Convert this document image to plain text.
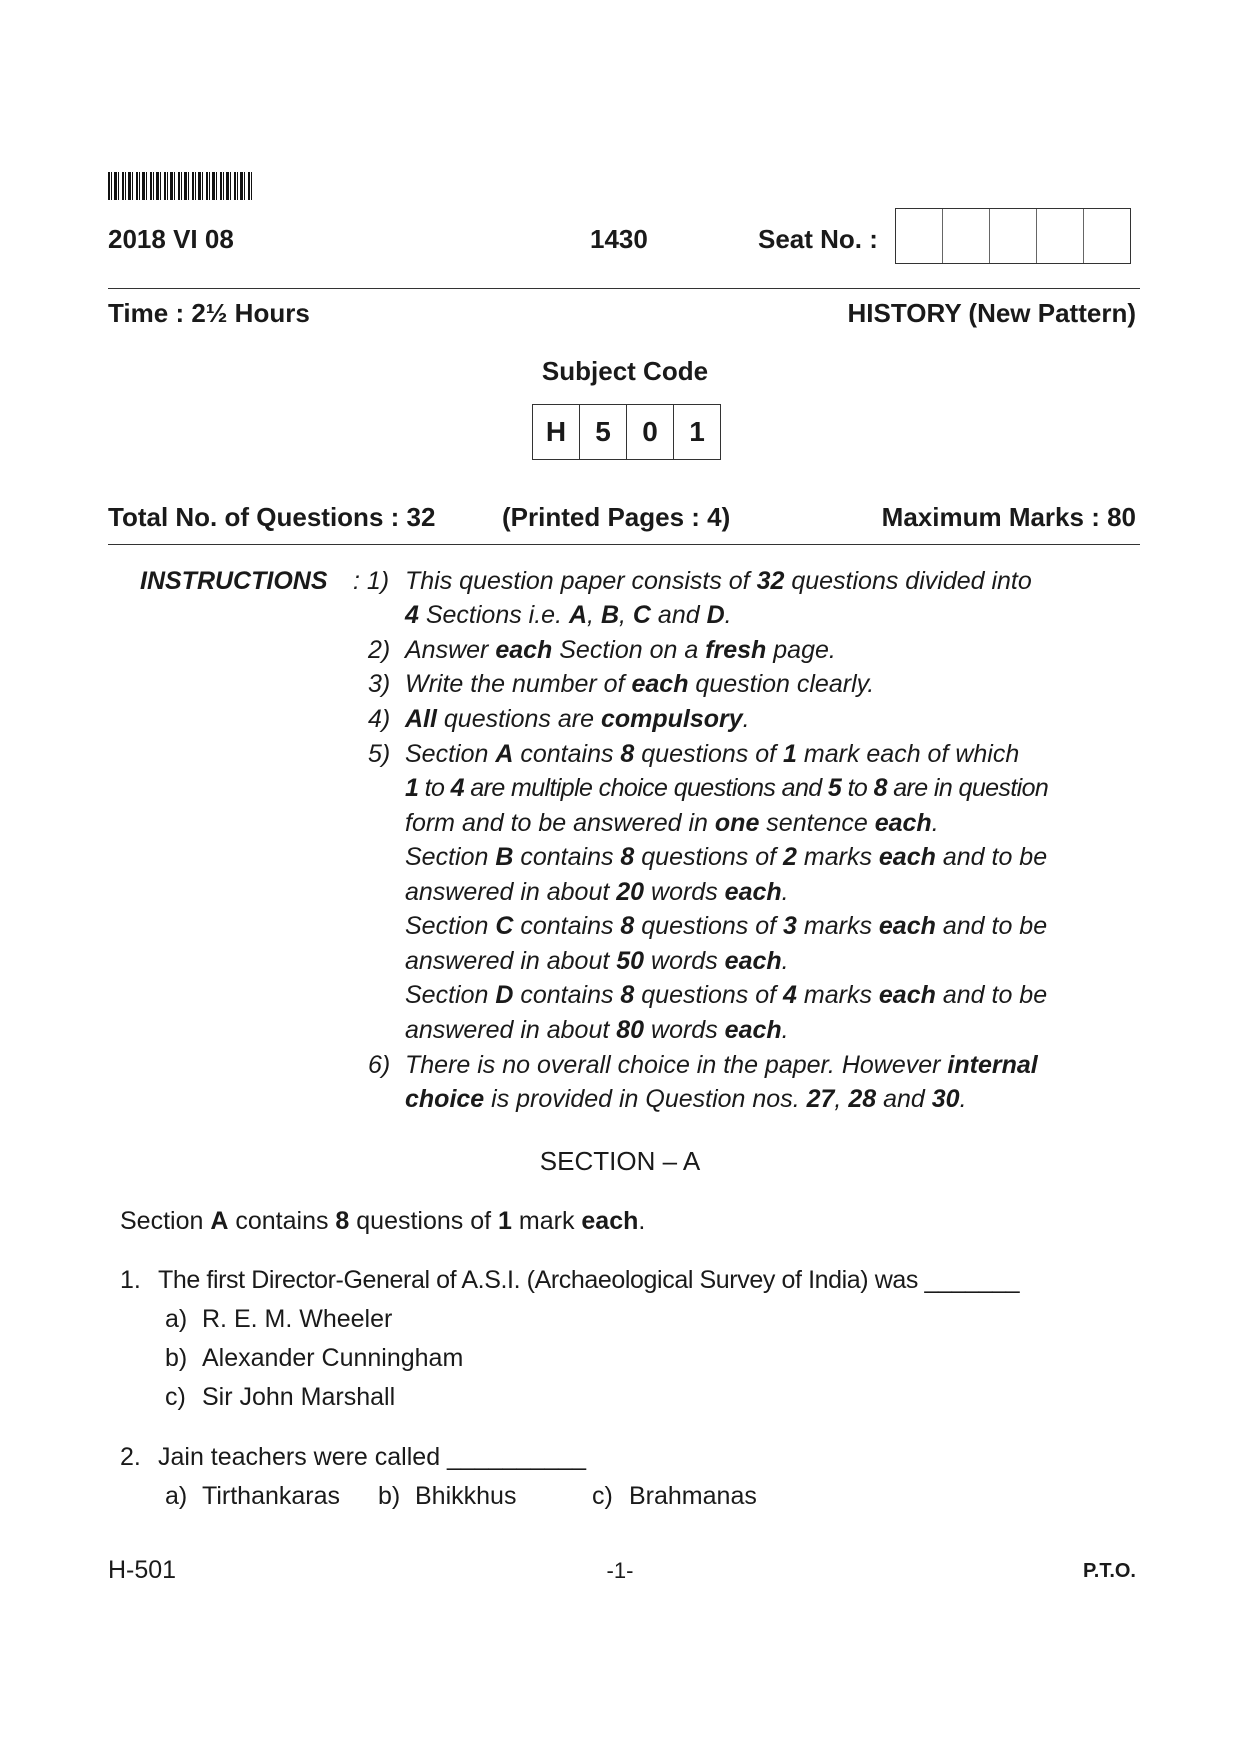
2018 VI 08	1430	Seat No. :
Time : 2½ Hours	HISTORY (New Pattern)
Subject Code
H	5	0	1
Total No. of Questions : 32	(Printed Pages : 4)	Maximum Marks : 80
INSTRUCTIONS : 1) This question paper consists of 32 questions divided into
4 Sections i.e. A, B, C and D.
2) Answer each Section on a fresh page.
3) Write the number of each question clearly.
4) All questions are compulsory.
5) Section A contains 8 questions of 1 mark each of which
1 to 4 are multiple choice questions and 5 to 8 are in question
form and to be answered in one sentence each.
Section B contains 8 questions of 2 marks each and to be
answered in about 20 words each.
Section C contains 8 questions of 3 marks each and to be
answered in about 50 words each.
Section D contains 8 questions of 4 marks each and to be
answered in about 80 words each.
6) There is no overall choice in the paper. However internal
choice is provided in Question nos. 27, 28 and 30.
SECTION – A
Section A contains 8 questions of 1 mark each.
1. The first Director-General of A.S.I. (Archaeological Survey of India) was _______
a) R. E. M. Wheeler
b) Alexander Cunningham
c) Sir John Marshall
2. Jain teachers were called __________
a) Tirthankaras b) Bhikkhus	c) Brahmanas
H-501	-1-	P.T.O.
